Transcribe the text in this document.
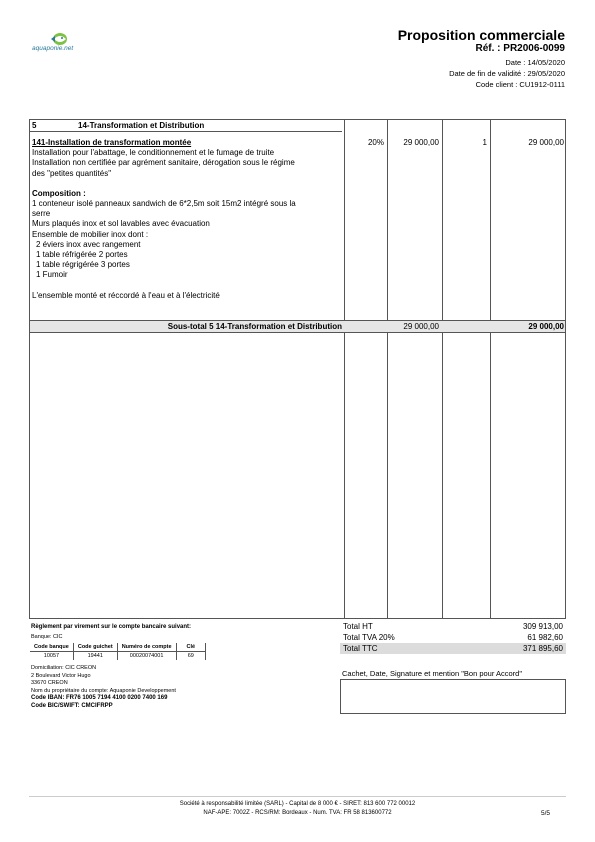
aquaponie.net
Proposition commerciale
Réf. : PR2006-0099
Date : 14/05/2020
Date de fin de validité : 29/05/2020
Code client : CU1912-0111
5	14-Transformation et Distribution
141-Installation de transformation montée
Installation pour l'abattage, le conditionnement et le fumage de truite
Installation non certifiée par agrément sanitaire, dérogation sous le régime
des "petites quantités"
Composition :
1 conteneur isolé panneaux sandwich de 6*2,5m soit 15m2 intégré sous la
serre
Murs plaqués inox et sol lavables avec évacuation
Ensemble de mobilier inox dont :
2 éviers inox avec rangement
1 table réfrigérée 2 portes
1 table régrigérée 3 portes
1 Fumoir
L'ensemble monté et réccordé à l'eau et à l'électricité
20%	29 000,00	1	29 000,00
Sous-total 5 14-Transformation et Distribution	29 000,00	29 000,00
Règlement par virement sur le compte bancaire suivant:
Banque: CIC
Code banque	Code guichet	Numéro de compte	Clé
10057	19441	00020074001	69
Domiciliation: CIC CREON
2 Boulevard Victor Hugo
33670 CREON
Nom du propriétaire du compte: Aquaponie Developpement
Code IBAN: FR76 1005 7194 4100 0200 7400 169
Code BIC/SWIFT: CMCIFRPP
Total HT	309 913,00
Total TVA 20%	61 982,60
Total TTC	371 895,60
Cachet, Date, Signature et mention "Bon pour Accord"
Société à responsabilité limitée (SARL) - Capital de 8 000 € - SIRET: 813 600 772 00012
NAF-APE: 7002Z - RCS/RM: Bordeaux - Num. TVA: FR 58 813600772	5/5
